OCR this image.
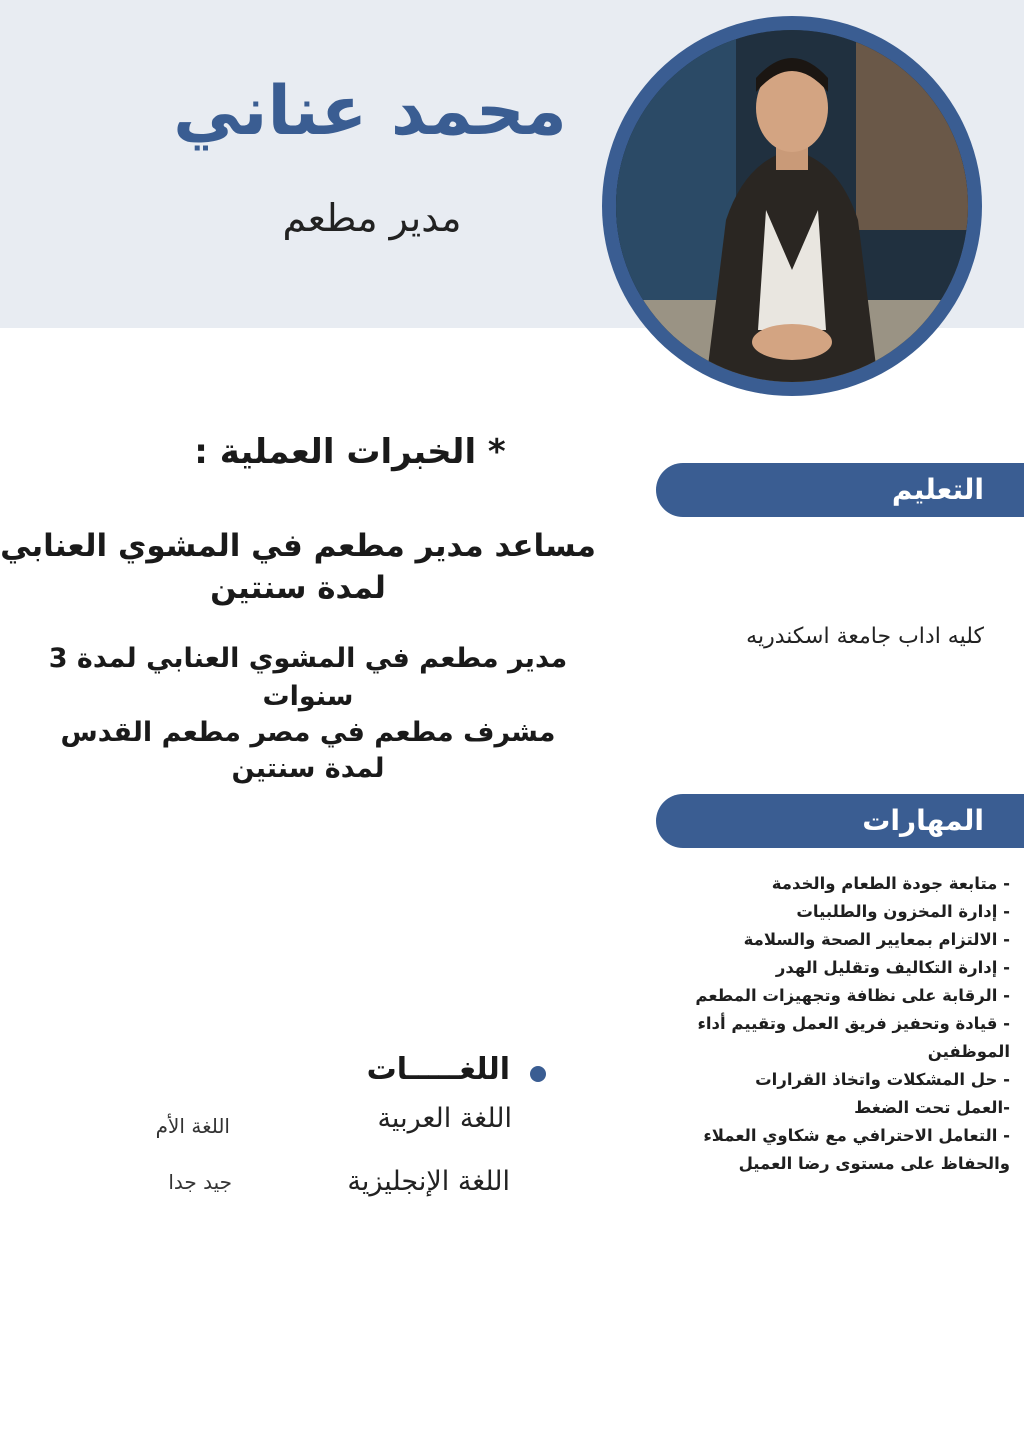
محمد عناني
مدير مطعم
التعليم
كليه اداب جامعة اسكندريه
المهارات
- متابعة جودة الطعام والخدمة
- إدارة المخزون والطلبيات
- الالتزام بمعايير الصحة والسلامة
- إدارة التكاليف وتقليل الهدر
- الرقابة على نظافة وتجهيزات المطعم
- قيادة وتحفيز فريق العمل وتقييم أداء الموظفين
- حل المشكلات واتخاذ القرارات
-العمل تحت الضغط
- التعامل الاحترافي مع شكاوي العملاء والحفاظ على مستوى رضا العميل
* الخبرات العملية :
مساعد مدير مطعم في المشوي العنابي لمدة سنتين
مدير مطعم في المشوي العنابي لمدة 3 سنوات
مشرف مطعم في مصر مطعم القدس لمدة سنتين
اللغـــــات
اللغة العربية
اللغة الأم
اللغة الإنجليزية
جيد جدا
